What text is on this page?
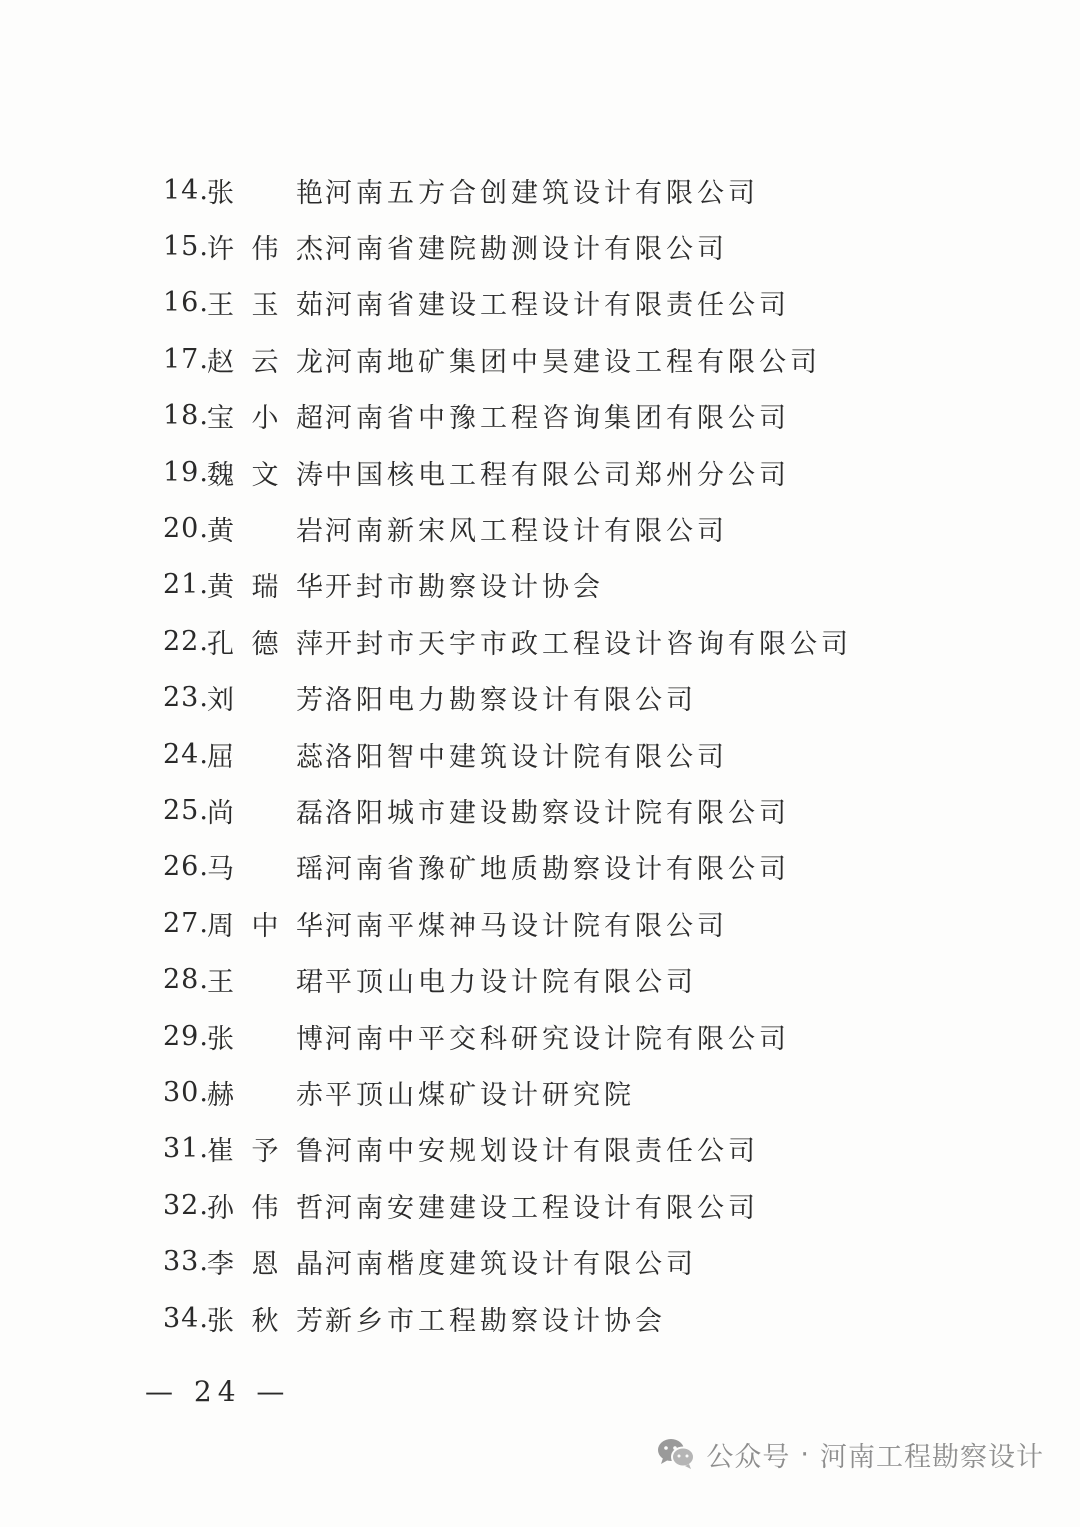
14.
张　艳 河南五方合创建筑设计有限公司
15.
许伟杰 河南省建院勘测设计有限公司
16.
王玉茹 河南省建设工程设计有限责任公司
17.
赵云龙 河南地矿集团中昊建设工程有限公司
18.
宝小超 河南省中豫工程咨询集团有限公司
19.
魏文涛 中国核电工程有限公司郑州分公司
20.
黄　岩 河南新宋风工程设计有限公司
21.
黄瑞华 开封市勘察设计协会
22.
孔德萍 开封市天宇市政工程设计咨询有限公司
23.
刘　芳 洛阳电力勘察设计有限公司
24.
屈　蕊 洛阳智中建筑设计院有限公司
25.
尚　磊 洛阳城市建设勘察设计院有限公司
26.
马　瑶 河南省豫矿地质勘察设计有限公司
27.
周中华 河南平煤神马设计院有限公司
28.
王　珺 平顶山电力设计院有限公司
29.
张　博 河南中平交科研究设计院有限公司
30.
赫　赤 平顶山煤矿设计研究院
31.
崔予鲁 河南中安规划设计有限责任公司
32.
孙伟哲 河南安建建设工程设计有限公司
33.
李恩晶 河南楷度建筑设计有限公司
34.
张秋芳 新乡市工程勘察设计协会
— 24 —
公众号 · 河南工程勘察设计
